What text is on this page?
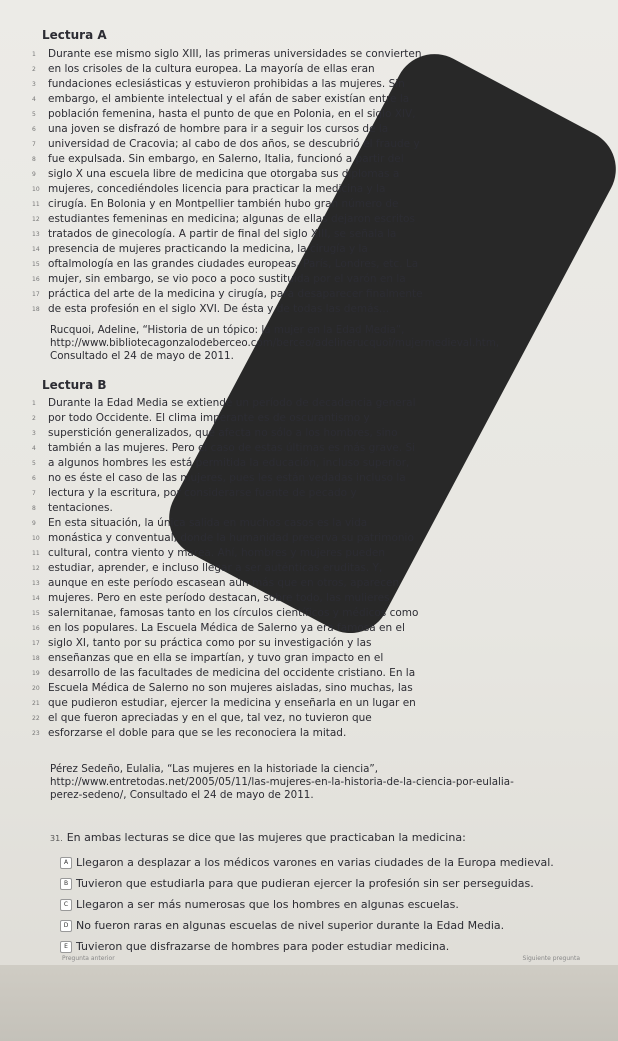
Lectura A
1 Durante ese mismo siglo XIII, las primeras universidades se convierten
2 en los crisoles de la cultura europea. La mayoría de ellas eran
3 fundaciones eclesiásticas y estuvieron prohibidas a las mujeres. Sin
4 embargo, el ambiente intelectual y el afán de saber existían entre la
5 población femenina, hasta el punto de que en Polonia, en el siglo XIV,
6 una joven se disfrazó de hombre para ir a seguir los cursos de la
7 universidad de Cracovia; al cabo de dos años, se descubrió el fraude y
8 fue expulsada. Sin embargo, en Salerno, Italia, funcionó a partir del
9 siglo X una escuela libre de medicina que otorgaba sus diplomas a
10 mujeres, concediéndoles licencia para practicar la medicina y la
11 cirugía. En Bolonia y en Montpellier también hubo gran número de
12 estudiantes femeninas en medicina; algunas de ellas dejaron escritos
13 tratados de ginecología. A partir de final del siglo XIII, se señala la
14 presencia de mujeres practicando la medicina, la cirugía y la
15 oftalmología en las grandes ciudades europeas, París, Londres, etc. La
16 mujer, sin embargo, se vio poco a poco sustituida por el varón en la
17 práctica del arte de la medicina y cirugía, para desaparecer finalmente
18 de esta profesión en el siglo XVI. De ésta y de todas las demás...
Rucquoi, Adeline, “Historia de un tópico: la mujer en la Edad Media”,
http://www.bibliotecagonzalodeberceo.com/berceo/adelinerucquoi/mujermedieval.htm,
Consultado el 24 de mayo de 2011.
Lectura B
1 Durante la Edad Media se extiende un período de decadencia general
2 por todo Occidente. El clima imperante es de oscurantismo y
3 superstición generalizados, que afecta no sólo a los hombres, sino
4 también a las mujeres. Pero el caso de estas últimas es más grave. Si
5 a algunos hombres les está permitida la educación, incluso superior,
6 no es éste el caso de las mujeres, pues les están vedadas incluso la
7 lectura y la escritura, por considerarse fuente de pecado y
8 tentaciones.
9 En esta situación, la única salida en muchos casos es la vida
10 monástica y conventual, donde la humanidad preserva su patrimonio
11 cultural, contra viento y marea. Ahí, hombres y mujeres pueden
12 estudiar, aprender, e incluso llegar a ser auténticas eruditas. Y,
13 aunque en este período escasean aún más que en otros, aparecen
14 mujeres. Pero en este período destacan, sobre todo, las mulieres
15 salernitanae, famosas tanto en los círculos científicos y médicos como
16 en los populares. La Escuela Médica de Salerno ya era famosa en el
17 siglo XI, tanto por su práctica como por su investigación y las
18 enseñanzas que en ella se impartían, y tuvo gran impacto en el
19 desarrollo de las facultades de medicina del occidente cristiano. En la
20 Escuela Médica de Salerno no son mujeres aisladas, sino muchas, las
21 que pudieron estudiar, ejercer la medicina y enseñarla en un lugar en
22 el que fueron apreciadas y en el que, tal vez, no tuvieron que
23 esforzarse el doble para que se les reconociera la mitad.
Pérez Sedeño, Eulalia, “Las mujeres en la historiade la ciencia”,
http://www.entretodas.net/2005/05/11/las-mujeres-en-la-historia-de-la-ciencia-por-eulalia-
perez-sedeno/, Consultado el 24 de mayo de 2011.
31. En ambas lecturas se dice que las mujeres que practicaban la medicina:
A Llegaron a desplazar a los médicos varones en varias ciudades de la Europa medieval.
B Tuvieron que estudiarla para que pudieran ejercer la profesión sin ser perseguidas.
C Llegaron a ser más numerosas que los hombres en algunas escuelas.
D No fueron raras en algunas escuelas de nivel superior durante la Edad Media.
E Tuvieron que disfrazarse de hombres para poder estudiar medicina.
Pregunta anterior	Siguiente pregunta
